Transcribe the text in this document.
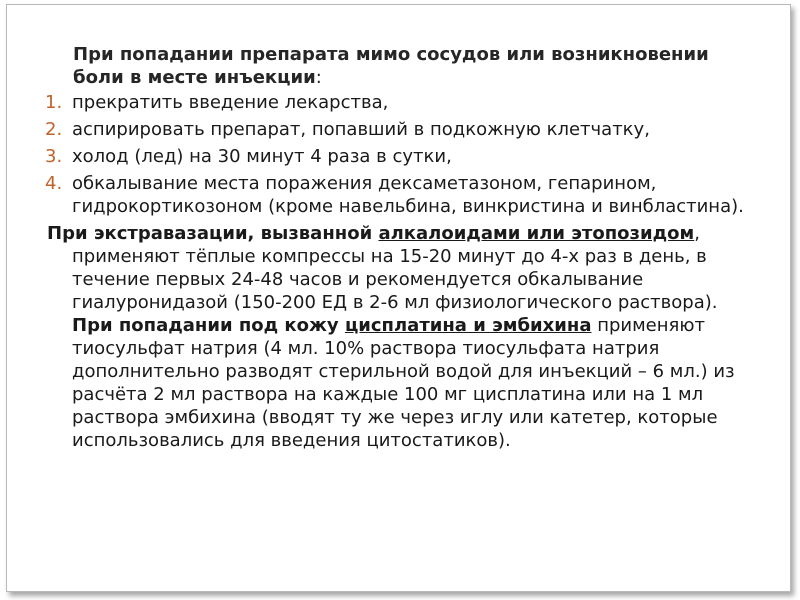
При попадании препарата мимо сосудов или возникновении боли в месте инъекции:

1. прекратить введение лекарства,
2. аспирировать препарат, попавший в подкожную клетчатку,
3. холод (лед) на 30 минут 4 раза в сутки,
4. обкалывание места поражения дексаметазоном, гепарином, гидрокортикозоном (кроме навельбина, винкристина и винбластина).

При экстравазации, вызванной алкалоидами или этопозидом, применяют тёплые компрессы на 15-20 минут до 4-х раз в день, в течение первых 24-48 часов и рекомендуется обкалывание гиалуронидазой (150-200 ЕД в 2-6 мл физиологического раствора).

При попадании под кожу цисплатина и эмбихина применяют тиосульфат натрия (4 мл. 10% раствора тиосульфата натрия дополнительно разводят стерильной водой для инъекций – 6 мл.) из расчёта 2 мл раствора на каждые 100 мг цисплатина или на 1 мл раствора эмбихина (вводят ту же через иглу или катетер, которые использовались для введения цитостатиков).
